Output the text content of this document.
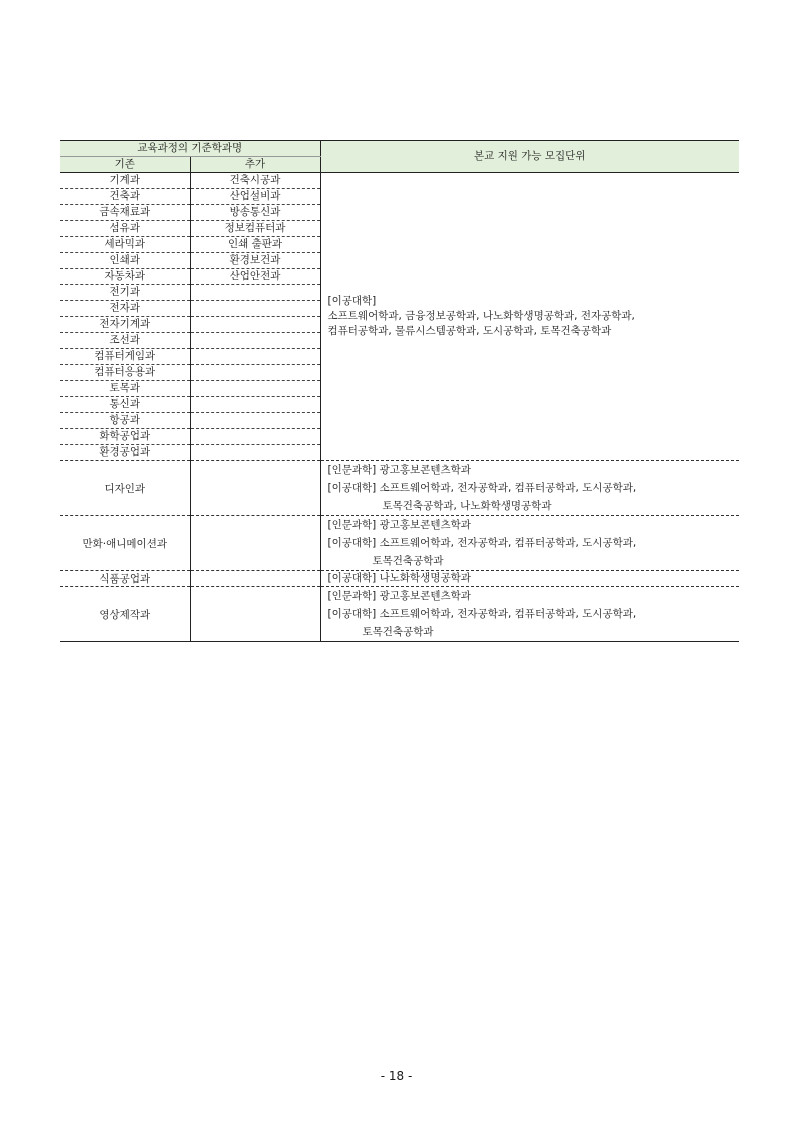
교육과정의 기준학과명		본교 지원 가능 모집단위
기존	추가	
기계과	건축시공과	[이공대학]
소프트웨어학과, 금융정보공학과, 나노화학생명공학과, 전자공학과,
컴퓨터공학과, 물류시스템공학과, 도시공학과, 토목건축공학과

건축과	산업설비과	
금속재료과	방송통신과	
섬유과	정보컴퓨터과	
세라믹과	인쇄 출판과	
인쇄과	환경보건과	
자동차과	산업안전과	
전기과		
전자과		
전자기계과		
조선과		
컴퓨터게임과		
컴퓨터응용과		
토목과		
통신과		
항공과		
화학공업과		
환경공업과		
디자인과		[인문과학] 광고홍보콘텐츠학과
[이공대학] 소프트웨어학과, 전자공학과, 컴퓨터공학과, 도시공학과,
토목건축공학과, 나노화학생명공학과

만화·애니메이션과		[인문과학] 광고홍보콘텐츠학과
[이공대학] 소프트웨어학과, 전자공학과, 컴퓨터공학과, 도시공학과,
토목건축공학과

식품공업과		[이공대학] 나노화학생명공학과

영상제작과		[인문과학] 광고홍보콘텐츠학과
[이공대학] 소프트웨어학과, 전자공학과, 컴퓨터공학과, 도시공학과,
토목건축공학과
- 18 -
